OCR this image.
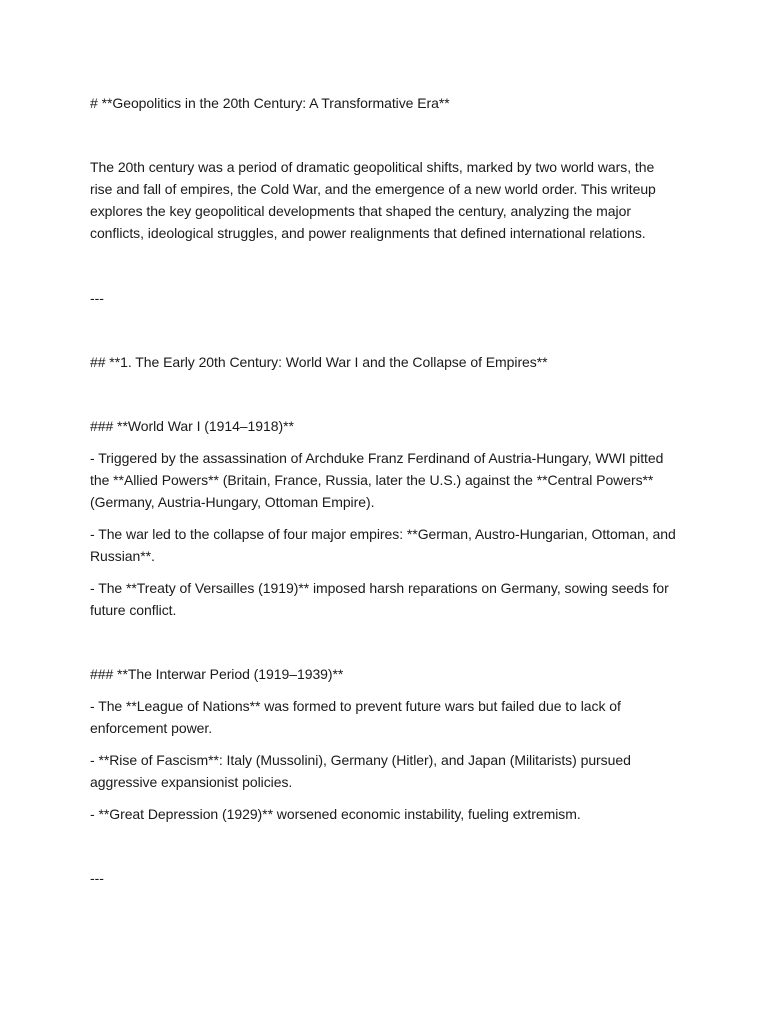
# **Geopolitics in the 20th Century: A Transformative Era**

The 20th century was a period of dramatic geopolitical shifts, marked by two world wars, the rise and fall of empires, the Cold War, and the emergence of a new world order. This writeup explores the key geopolitical developments that shaped the century, analyzing the major conflicts, ideological struggles, and power realignments that defined international relations.

---

## **1. The Early 20th Century: World War I and the Collapse of Empires**

### **World War I (1914–1918)**

- Triggered by the assassination of Archduke Franz Ferdinand of Austria-Hungary, WWI pitted the **Allied Powers** (Britain, France, Russia, later the U.S.) against the **Central Powers** (Germany, Austria-Hungary, Ottoman Empire).

- The war led to the collapse of four major empires: **German, Austro-Hungarian, Ottoman, and Russian**.

- The **Treaty of Versailles (1919)** imposed harsh reparations on Germany, sowing seeds for future conflict.

### **The Interwar Period (1919–1939)**

- The **League of Nations** was formed to prevent future wars but failed due to lack of enforcement power.

- **Rise of Fascism**: Italy (Mussolini), Germany (Hitler), and Japan (Militarists) pursued aggressive expansionist policies.

- **Great Depression (1929)** worsened economic instability, fueling extremism.

---
